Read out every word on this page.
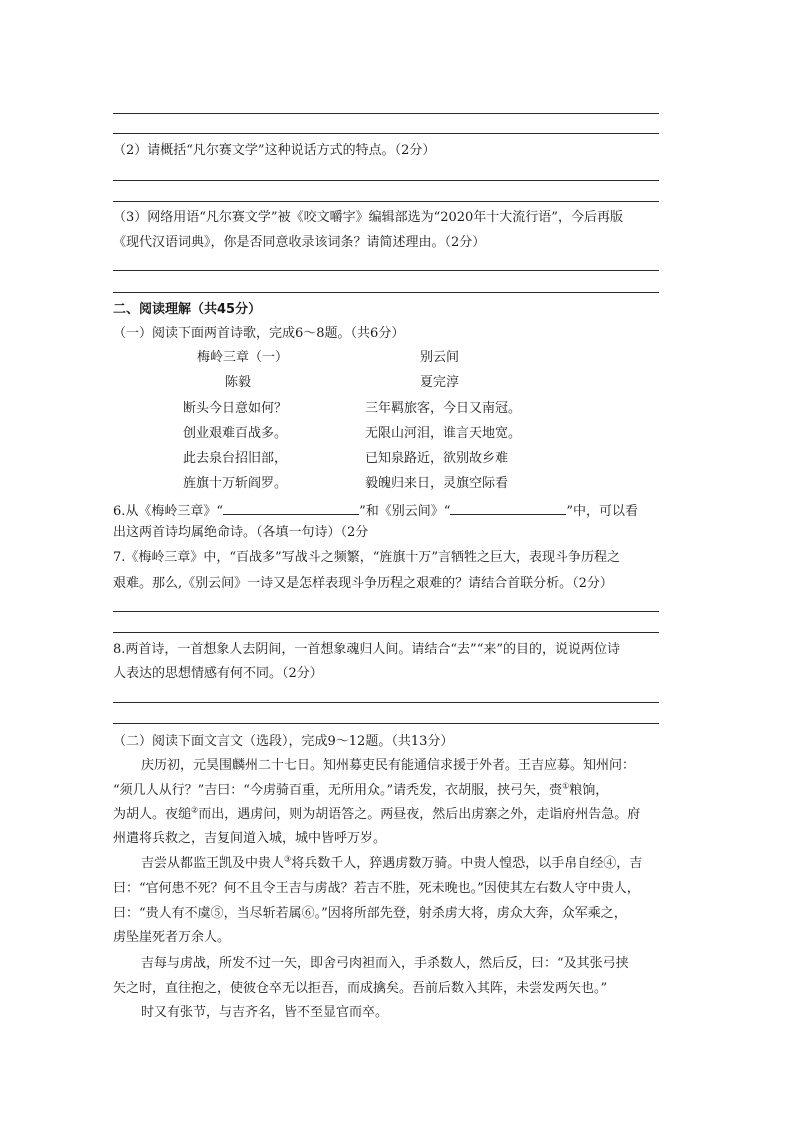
（2）请概括“凡尔赛文学”这种说话方式的特点。（2分）
（3）网络用语“凡尔赛文学”被《咬文嚼字》编辑部选为“2020年十大流行语”，今后再版
《现代汉语词典》，你是否同意收录该词条？请简述理由。（2分）
二、阅读理解（共45分）
（一）阅读下面两首诗歌，完成6～8题。（共6分）
梅岭三章（一）
陈毅
断头今日意如何？
创业艰难百战多。
此去泉台招旧部，
旌旗十万斩阎罗。
别云间
夏完淳
三年羁旅客，今日又南冠。
无限山河泪，谁言天地宽。
已知泉路近，欲别故乡难
毅魄归来日，灵旗空际看
6.从《梅岭三章》“	”和《别云间》“	”中，可以看
出这两首诗均属绝命诗。（各填一句诗）（2分
7.《梅岭三章》中，“百战多”写战斗之频繁，“旌旗十万”言牺牲之巨大，表现斗争历程之
艰难。那么,《别云间》一诗又是怎样表现斗争历程之艰难的？请结合首联分析。（2分）
8.两首诗，一首想象人去阴间，一首想象魂归人间。请结合“去”“来”的目的，说说两位诗
人表达的思想情感有何不同。（2分）
（二）阅读下面文言文（选段），完成9～12题。（共13分）
庆历初，元昊围麟州二十七日。知州募吏民有能通信求援于外者。王吉应募。知州问：
“须几人从行？”吉曰：“今虏骑百重，无所用众。”请秃发，衣胡服，挟弓矢，赍①粮饷，
为胡人。夜缒②而出，遇虏问，则为胡语答之。两昼夜，然后出虏寨之外，走诣府州告急。府
州遣将兵救之，吉复间道入城，城中皆呼万岁。
吉尝从都监王凯及中贵人③将兵数千人，猝遇虏数万骑。中贵人惶恐，以手帛自经④，吉
曰：“官何患不死？何不且令王吉与虏战？若吉不胜，死未晚也。”因使其左右数人守中贵人，
曰：“贵人有不虞⑤，当尽斩若属⑥。”因将所部先登，射杀虏大将，虏众大奔，众军乘之，
虏坠崖死者万余人。
吉每与虏战，所发不过一矢，即舍弓肉袒而入，手杀数人，然后反，曰：“及其张弓挟
矢之时，直往抱之，使彼仓卒无以拒吾，而成擒矣。吾前后数入其阵，未尝发两矢也。”
时又有张节，与吉齐名，皆不至显官而卒。
